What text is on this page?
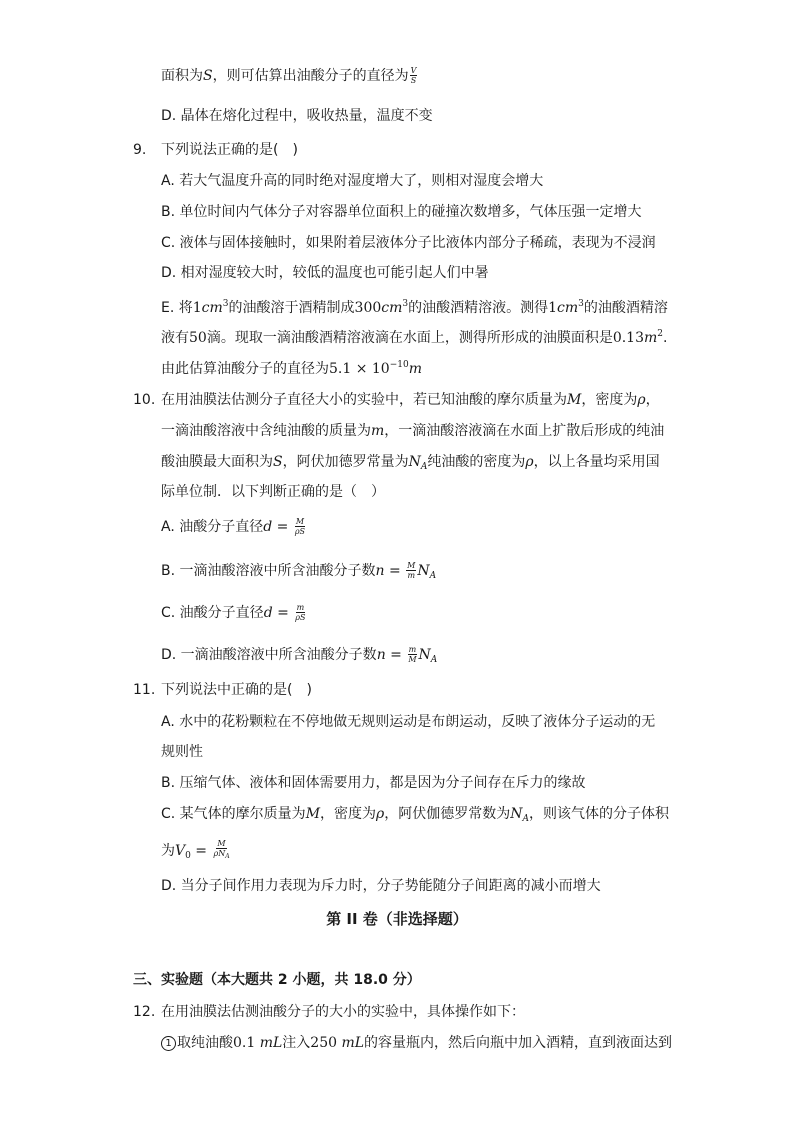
面积为S，则可估算出油酸分子的直径为 $\frac{V}{S}$
D. 晶体在熔化过程中，吸收热量，温度不变
9. 下列说法正确的是(　)
A. 若大气温度升高的同时绝对湿度增大了，则相对湿度会增大
B. 单位时间内气体分子对容器单位面积上的碰撞次数增多，气体压强一定增大
C. 液体与固体接触时，如果附着层液体分子比液体内部分子稀疏，表现为不浸润
D. 相对湿度较大时，较低的温度也可能引起人们中暑
E. 将$1cm^3$的油酸溶于酒精制成$300cm^3$的油酸酒精溶液。测得$1cm^3$的油酸酒精溶
液有50滴。现取一滴油酸酒精溶液滴在水面上，测得所形成的油膜面积是$0.13m^2$.
由此估算油酸分子的直径为$5.1 \times 10^{-10}m$
10. 在用油膜法估测分子直径大小的实验中，若已知油酸的摩尔质量为M，密度为ρ，
一滴油酸溶液中含纯油酸的质量为m，一滴油酸溶液滴在水面上扩散后形成的纯油
酸油膜最大面积为S，阿伏加德罗常量为$N_A$纯油酸的密度为ρ，以上各量均采用国
际单位制．以下判断正确的是（　）
A. 油酸分子直径$d = \frac{M}{\rho S}$
B. 一滴油酸溶液中所含油酸分子数$n = \frac{M}{m} N_A$
C. 油酸分子直径$d = \frac{m}{\rho S}$
D. 一滴油酸溶液中所含油酸分子数$n = \frac{m}{M} N_A$
11. 下列说法中正确的是(　)
A. 水中的花粉颗粒在不停地做无规则运动是布朗运动，反映了液体分子运动的无
规则性
B. 压缩气体、液体和固体需要用力，都是因为分子间存在斥力的缘故
C. 某气体的摩尔质量为M，密度为ρ，阿伏伽德罗常数为$N_A$，则该气体的分子体积
为$V_0 = \frac{M}{\rho N_A}$
D. 当分子间作用力表现为斥力时，分子势能随分子间距离的减小而增大
第 II 卷（非选择题）
三、实验题（本大题共 2 小题，共 18.0 分）
12. 在用油膜法估测油酸分子的大小的实验中，具体操作如下：
1 取纯油酸0.1 mL注入250 mL的容量瓶内，然后向瓶中加入酒精，直到液面达到
